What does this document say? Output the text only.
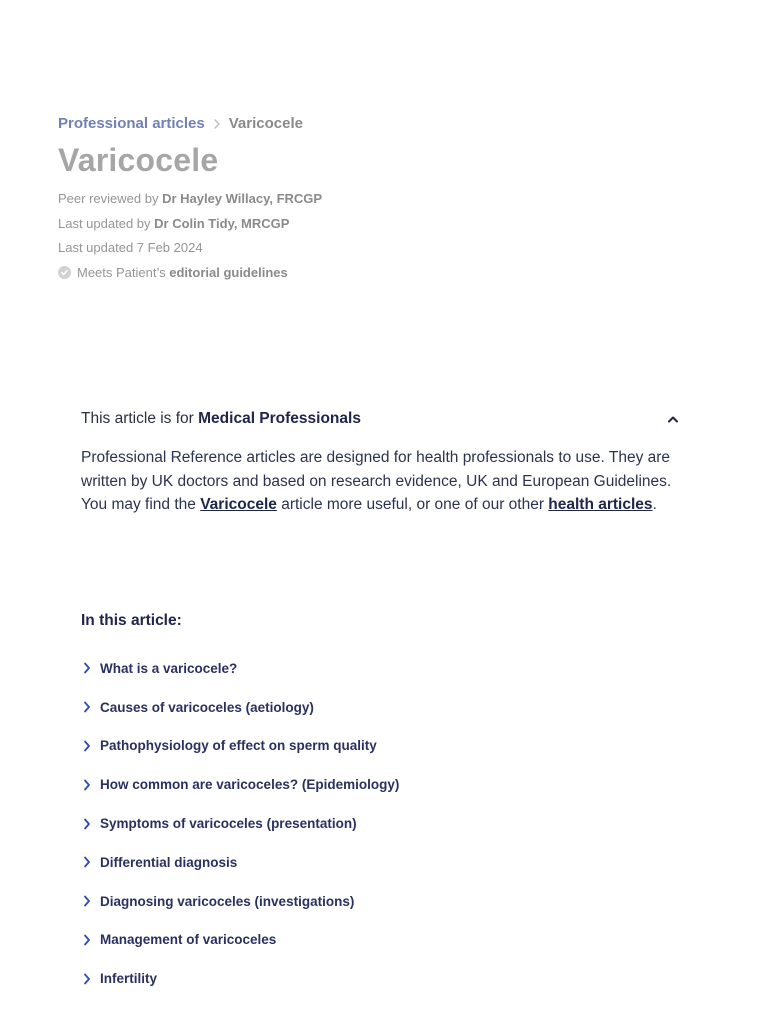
Professional articles Varicocele
Varicocele
Peer reviewed by Dr Hayley Willacy, FRCGP
Last updated by Dr Colin Tidy, MRCGP
Last updated 7 Feb 2024
Meets Patient’s
editorial guidelines
This article is for Medical Professionals

Professional Reference articles are designed for health professionals to use. They are written by UK doctors and based on research evidence, UK and European Guidelines. You may find the Varicocele article more useful, or one of our other health articles.

In this article:
What is a varicocele?
Causes of varicoceles (aetiology)
Pathophysiology of effect on sperm quality
How common are varicoceles? (Epidemiology)
Symptoms of varicoceles (presentation)
Differential diagnosis
Diagnosing varicoceles (investigations)
Management of varicoceles
Infertility
